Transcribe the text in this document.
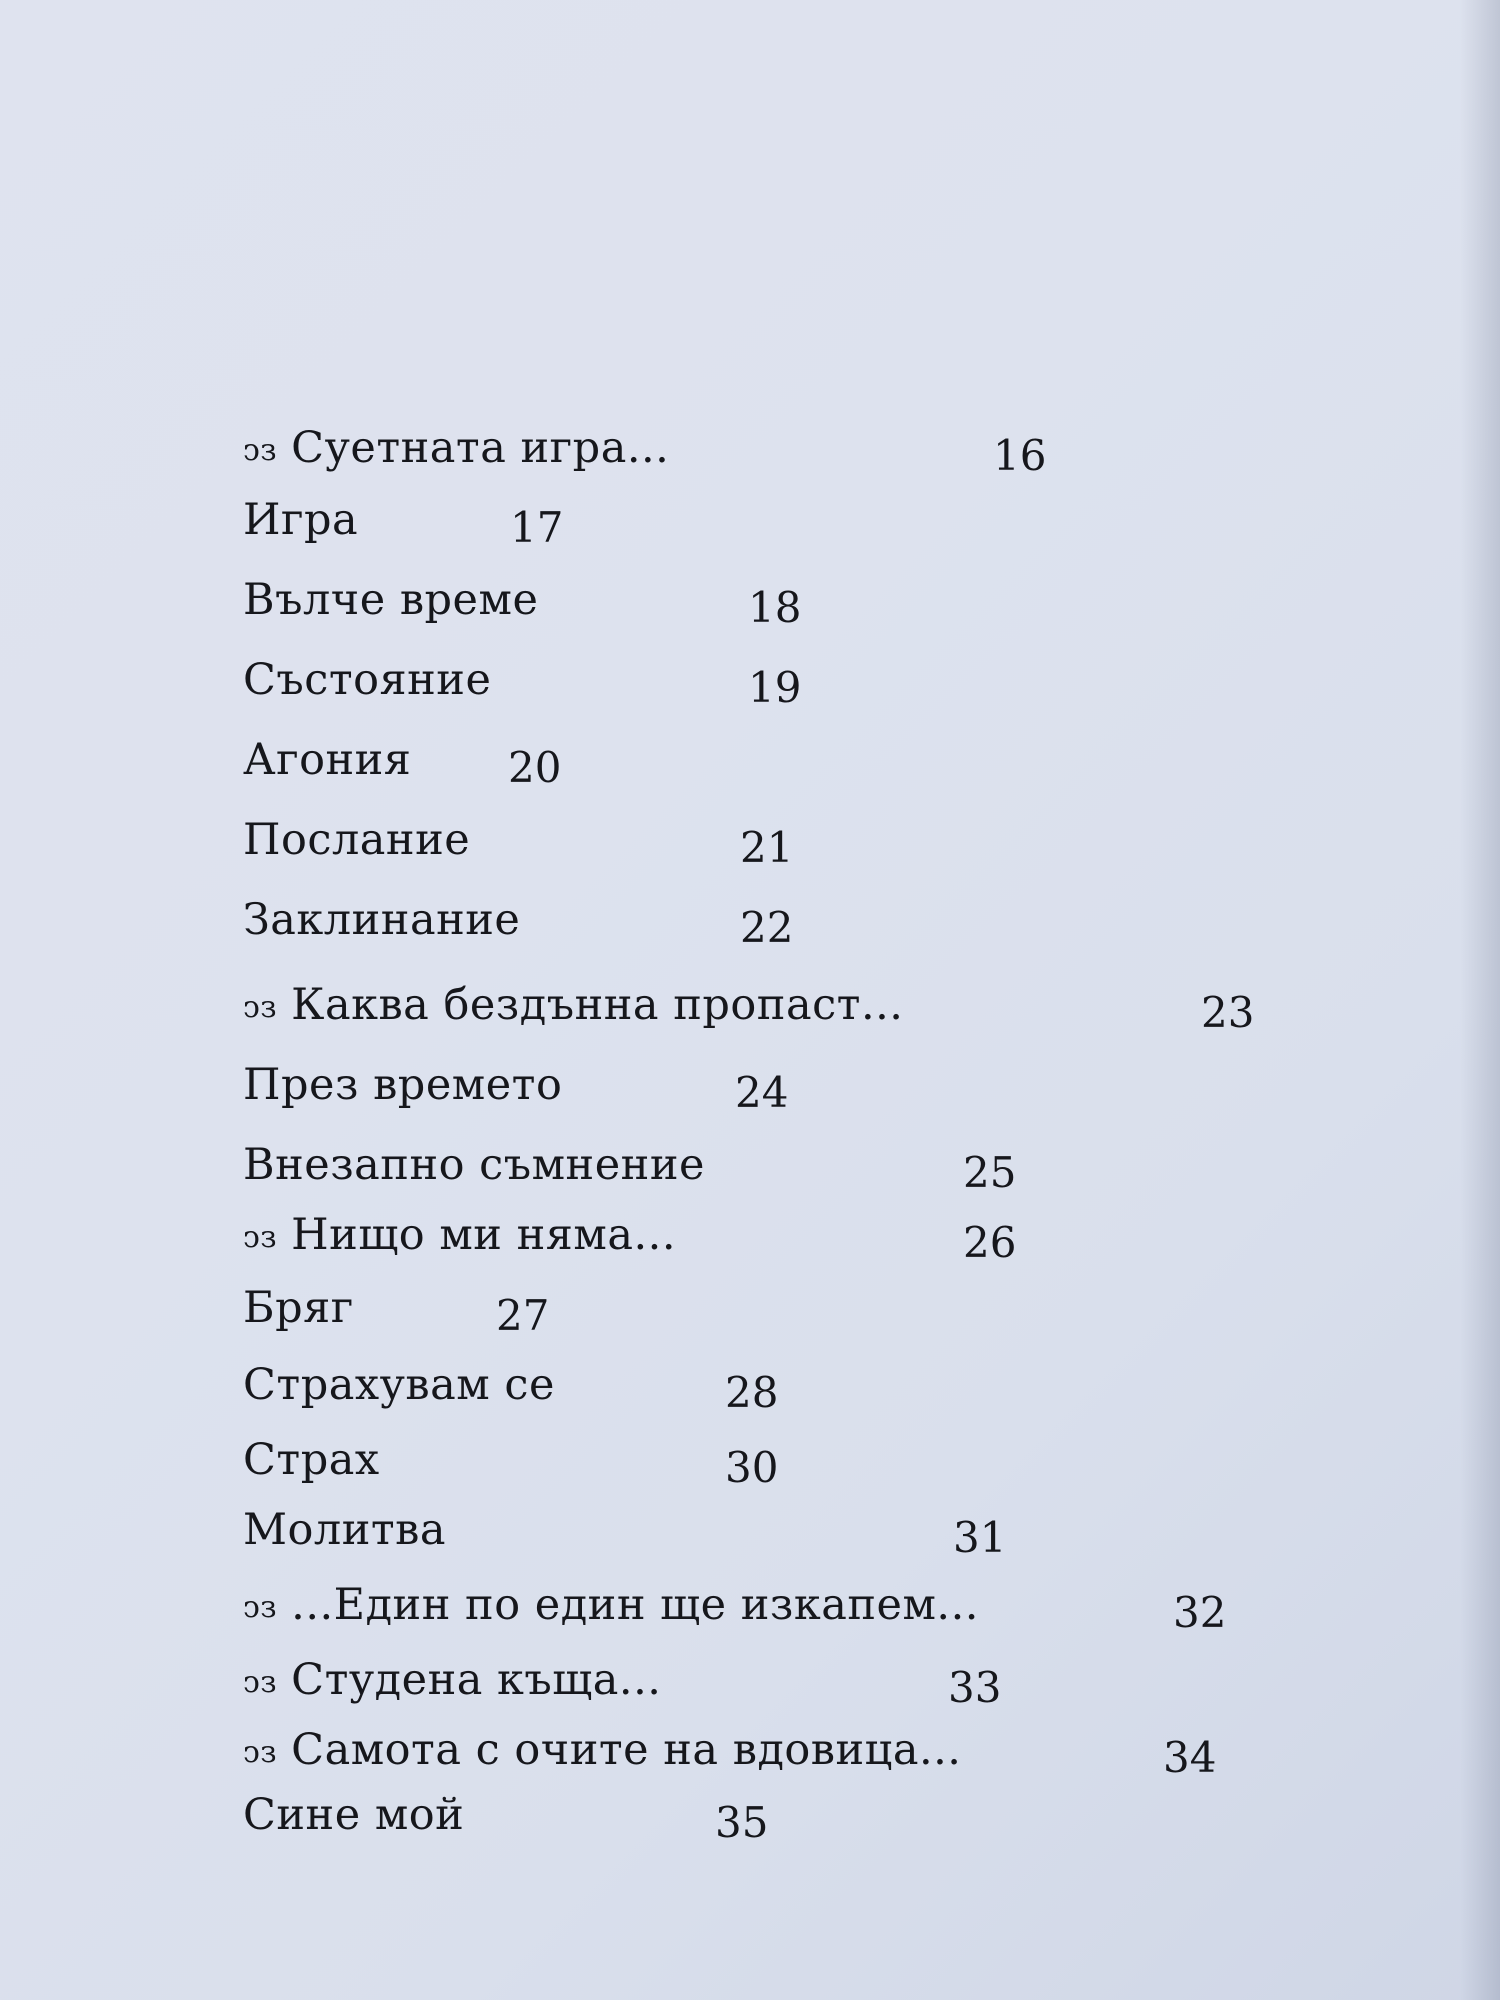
ↄз Суетната игра...	16
Игра	17
Вълче време	18
Състояние	19
Агония 20
Послание	21
Заклинание	22
ↄз Каква бездънна пропаст...	23
През времето	24
Внезапно съмнение	25
ↄз Нищо ми няма...	26
Бряг	27
Страхувам се	28
Страх	30
Молитва	31
ↄз ...Един по един ще изкапем...	32
ↄз Студена къща...	33
ↄз Самота с очите на вдовица...	34
Сине мой	35
